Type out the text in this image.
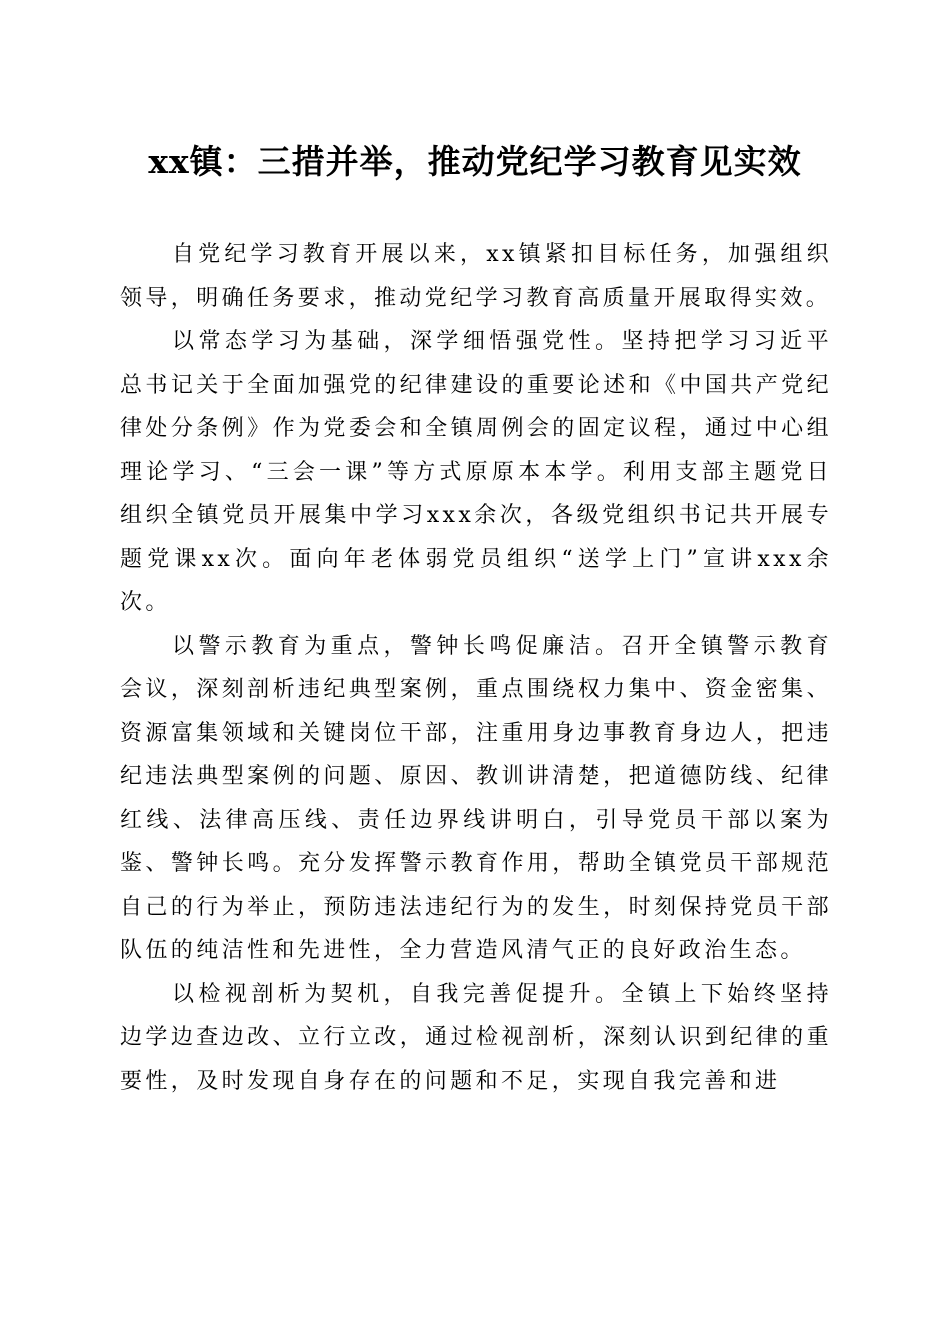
xx镇：三措并举，推动党纪学习教育见实效

自党纪学习教育开展以来，xx镇紧扣目标任务，加强组织领导，明确任务要求，推动党纪学习教育高质量开展取得实效。

以常态学习为基础，深学细悟强党性。坚持把学习习近平总书记关于全面加强党的纪律建设的重要论述和《中国共产党纪律处分条例》作为党委会和全镇周例会的固定议程，通过中心组理论学习、“三会一课”等方式原原本本学。利用支部主题党日组织全镇党员开展集中学习xxx余次，各级党组织书记共开展专题党课xx次。面向年老体弱党员组织“送学上门”宣讲xxx余次。

以警示教育为重点，警钟长鸣促廉洁。召开全镇警示教育会议，深刻剖析违纪典型案例，重点围绕权力集中、资金密集、资源富集领域和关键岗位干部，注重用身边事教育身边人，把违纪违法典型案例的问题、原因、教训讲清楚，把道德防线、纪律红线、法律高压线、责任边界线讲明白，引导党员干部以案为鉴、警钟长鸣。充分发挥警示教育作用，帮助全镇党员干部规范自己的行为举止，预防违法违纪行为的发生，时刻保持党员干部队伍的纯洁性和先进性，全力营造风清气正的良好政治生态。

以检视剖析为契机，自我完善促提升。全镇上下始终坚持边学边查边改、立行立改，通过检视剖析，深刻认识到纪律的重要性，及时发现自身存在的问题和不足，实现自我完善和进
